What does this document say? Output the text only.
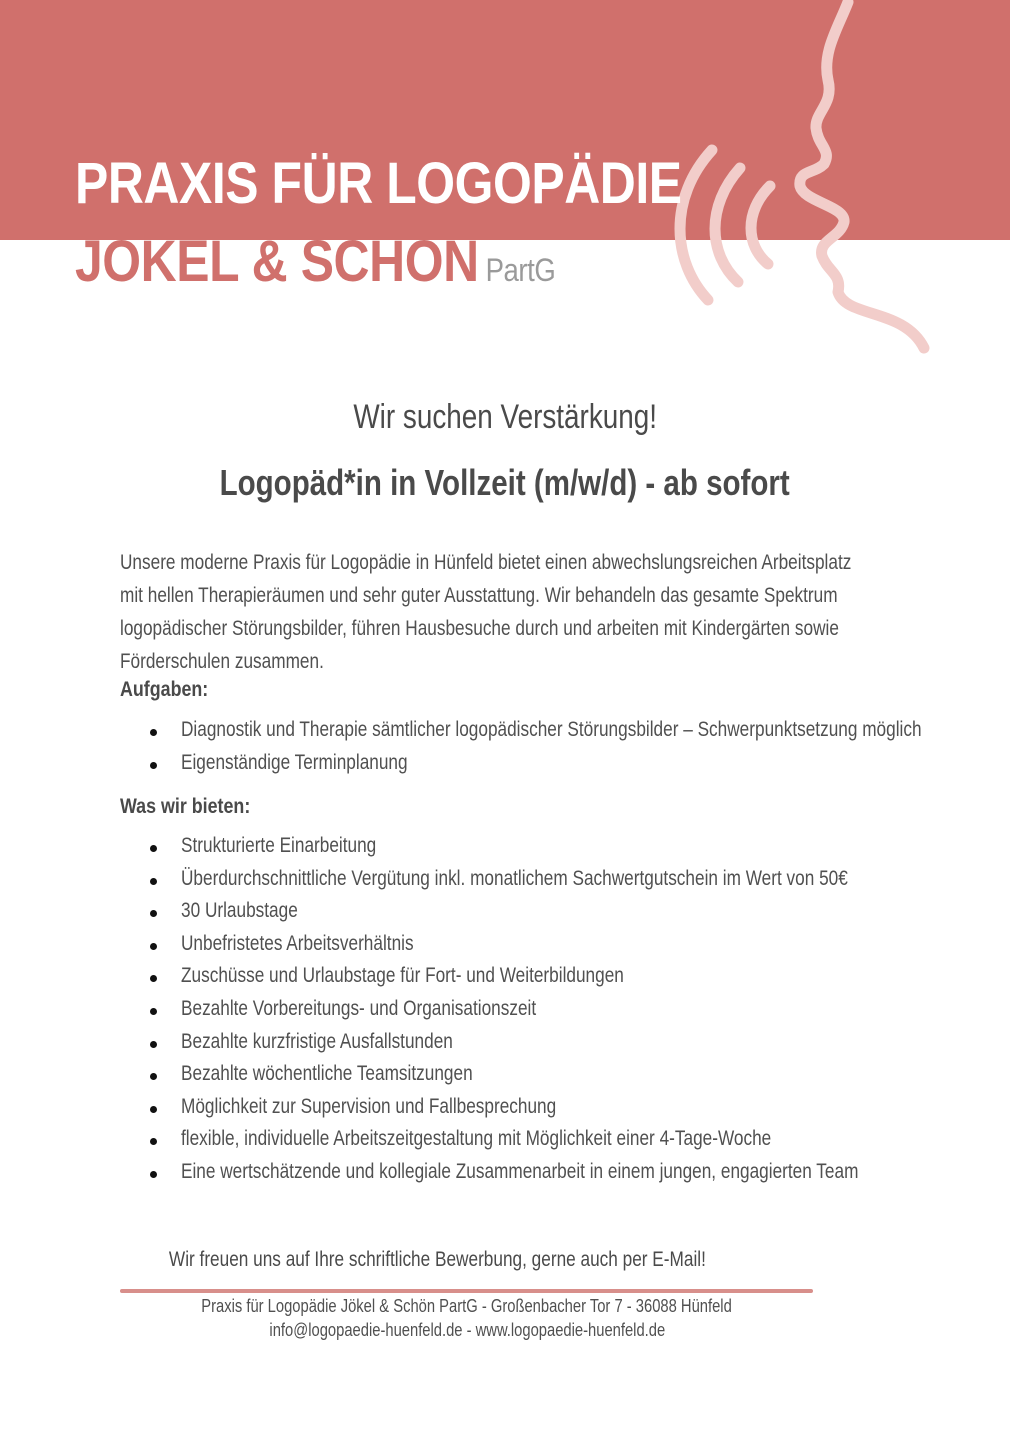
PRAXIS FÜR LOGOPÄDIE
JÖKEL & SCHÖN PartG
Wir suchen Verstärkung!
Logopäd*in in Vollzeit (m/w/d) - ab sofort

Unsere moderne Praxis für Logopädie in Hünfeld bietet einen abwechslungsreichen Arbeitsplatz mit hellen Therapieräumen und sehr guter Ausstattung. Wir behandeln das gesamte Spektrum logopädischer Störungsbilder, führen Hausbesuche durch und arbeiten mit Kindergärten sowie Förderschulen zusammen.

Aufgaben:
Diagnostik und Therapie sämtlicher logopädischer Störungsbilder – Schwerpunktsetzung möglich
Eigenständige Terminplanung
Was wir bieten:
Strukturierte Einarbeitung
Überdurchschnittliche Vergütung inkl. monatlichem Sachwertgutschein im Wert von 50€
30 Urlaubstage
Unbefristetes Arbeitsverhältnis
Zuschüsse und Urlaubstage für Fort- und Weiterbildungen
Bezahlte Vorbereitungs- und Organisationszeit
Bezahlte kurzfristige Ausfallstunden
Bezahlte wöchentliche Teamsitzungen
Möglichkeit zur Supervision und Fallbesprechung
flexible, individuelle Arbeitszeitgestaltung mit Möglichkeit einer 4-Tage-Woche
Eine wertschätzende und kollegiale Zusammenarbeit in einem jungen, engagierten Team
Wir freuen uns auf Ihre schriftliche Bewerbung, gerne auch per E-Mail!
Praxis für Logopädie Jökel & Schön PartG - Großenbacher Tor 7 - 36088 Hünfeld
info@logopaedie-huenfeld.de - www.logopaedie-huenfeld.de
